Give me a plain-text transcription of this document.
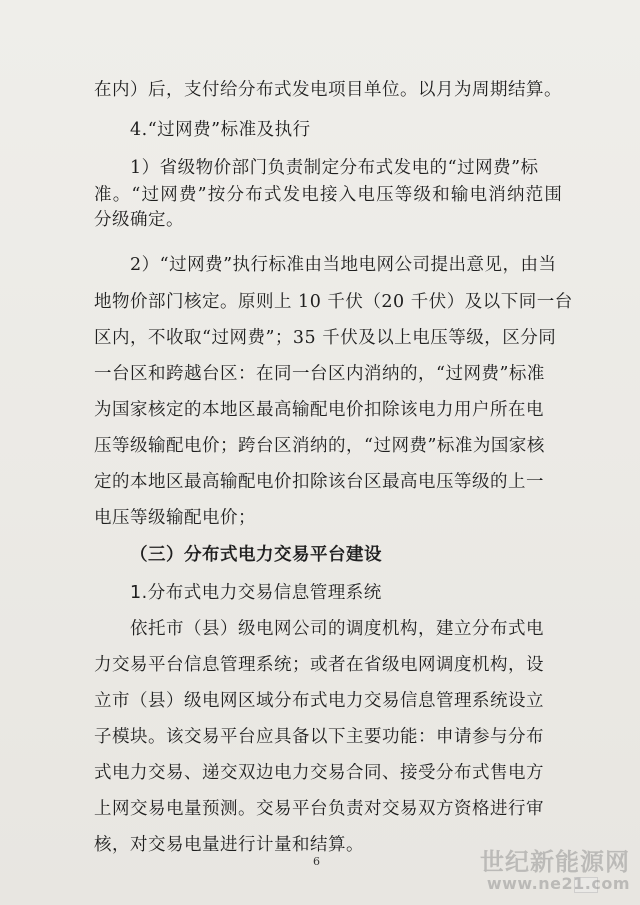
在内）后，支付给分布式发电项目单位。以月为周期结算。
4.“过网费”标准及执行
1）省级物价部门负责制定分布式发电的“过网费”标
准。“过网费”按分布式发电接入电压等级和输电消纳范围
分级确定。
2）“过网费”执行标准由当地电网公司提出意见，由当
地物价部门核定。原则上 10 千伏（20 千伏）及以下同一台
区内，不收取“过网费”；35 千伏及以上电压等级，区分同
一台区和跨越台区：在同一台区内消纳的，“过网费”标准
为国家核定的本地区最高输配电价扣除该电力用户所在电
压等级输配电价；跨台区消纳的，“过网费”标准为国家核
定的本地区最高输配电价扣除该台区最高电压等级的上一
电压等级输配电价；
（三）分布式电力交易平台建设
1.分布式电力交易信息管理系统
依托市（县）级电网公司的调度机构，建立分布式电
力交易平台信息管理系统；或者在省级电网调度机构，设
立市（县）级电网区域分布式电力交易信息管理系统设立
子模块。该交易平台应具备以下主要功能：申请参与分布
式电力交易、递交双边电力交易合同、接受分布式售电方
上网交易电量预测。交易平台负责对交易双方资格进行审
核，对交易电量进行计量和结算。
6	世纪新能源网
www.ne21.com
